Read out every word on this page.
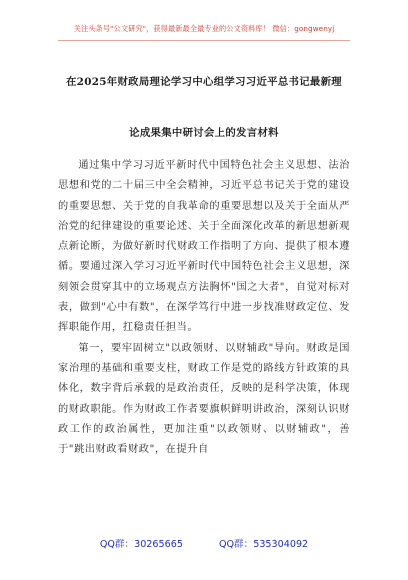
关注头条号"公文研究"，获得最新最全最专业的公文资料库！ 微信：gongwenyj
在2025年财政局理论学习中心组学习习近平总书记最新理
论成果集中研讨会上的发言材料

通过集中学习习近平新时代中国特色社会主义思想、法治思想和党的二十届三中全会精神，习近平总书记关于党的建设的重要思想、关于党的自我革命的重要思想以及关于全面从严治党的纪律建设的重要论述、关于全面深化改革的新思想新观点新论断，为做好新时代财政工作指明了方向、提供了根本遵循。要通过深入学习习近平新时代中国特色社会主义思想，深刻领会贯穿其中的立场观点方法胸怀"国之大者"，自觉对标对表，做到"心中有数"，在深学笃行中进一步找准财政定位、发挥职能作用，扛稳责任担当。

第一，要牢固树立"以政领财、以财辅政"导向。财政是国家治理的基础和重要支柱，财政工作是党的路线方针政策的具体化，数字背后承载的是政治责任，反映的是科学决策，体现的财政职能。作为财政工作者要旗帜鲜明讲政治，深刻认识财政工作的政治属性，更加注重"以政领财、以财辅政"，善于"跳出财政看财政"，在提升自

QQ群：30265665	QQ群：535304092
